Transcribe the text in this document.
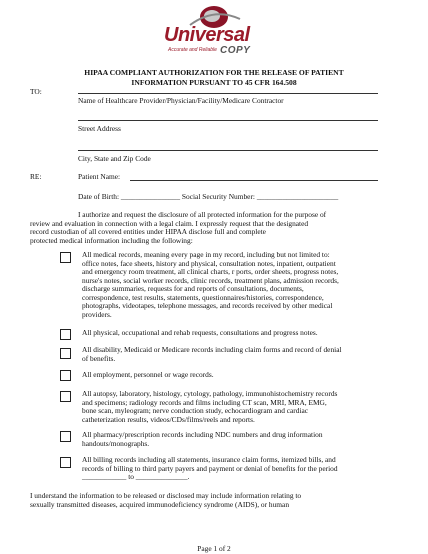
Universal
Accurate and Reliable COPY
HIPAA COMPLIANT AUTHORIZATION FOR THE RELEASE OF PATIENT
INFORMATION PURSUANT TO 45 CFR 164.508
TO:
Name of Healthcare Provider/Physician/Facility/Medicare Contractor
Street Address
City, State and Zip Code
RE:	Patient Name:
Date of Birth: ________________ Social Security Number: ______________________
I authorize and request the disclosure of all protected information for the purpose of
review and evaluation in connection with a legal claim. I expressly request that the designated
record custodian of all covered entities under HIPAA disclose full and complete
protected medical information including the following:
All medical records, meaning every page in my record, including but not limited to:
office notes, face sheets, history and physical, consultation notes, inpatient, outpatient
and emergency room treatment, all clinical charts, r ports, order sheets, progress notes,
nurse's notes, social worker records, clinic records, treatment plans, admission records,
discharge summaries, requests for and reports of consultations, documents,
correspondence, test results, statements, questionnaires/histories, correspondence,
photographs, videotapes, telephone messages, and records received by other medical
providers.
All physical, occupational and rehab requests, consultations and progress notes.
All disability, Medicaid or Medicare records including claim forms and record of denial
of benefits.
All employment, personnel or wage records.
All autopsy, laboratory, histology, cytology, pathology, immunohistochemistry records
and specimens; radiology records and films including CT scan, MRI, MRA, EMG,
bone scan, myleogram; nerve conduction study, echocardiogram and cardiac
catheterization results, videos/CDs/films/reels and reports.
All pharmacy/prescription records including NDC numbers and drug information
handouts/monographs.
All billing records including all statements, insurance claim forms, itemized bills, and
records of billing to third party payers and payment or denial of benefits for the period
____________ to ______________.
I understand the information to be released or disclosed may include information relating to
sexually transmitted diseases, acquired immunodeficiency syndrome (AIDS), or human
Page 1 of 2
